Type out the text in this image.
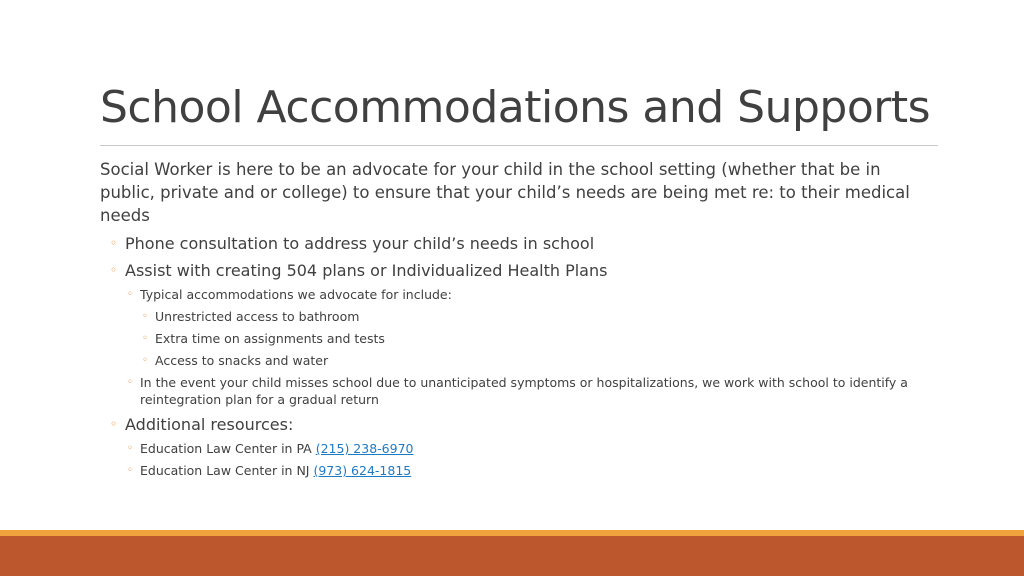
School Accommodations and Supports

Social Worker is here to be an advocate for your child in the school setting (whether that be in public, private and or college) to ensure that your child’s needs are being met re: to their medical needs

◦ Phone consultation to address your child’s needs in school
◦ Assist with creating 504 plans or Individualized Health Plans
◦ Typical accommodations we advocate for include:
◦ Unrestricted access to bathroom
◦ Extra time on assignments and tests
◦ Access to snacks and water
◦ In the event your child misses school due to unanticipated symptoms or hospitalizations, we work with school to identify a reintegration plan for a gradual return
◦ Additional resources:
◦ Education Law Center in PA (215) 238-6970
◦ Education Law Center in NJ (973) 624-1815
